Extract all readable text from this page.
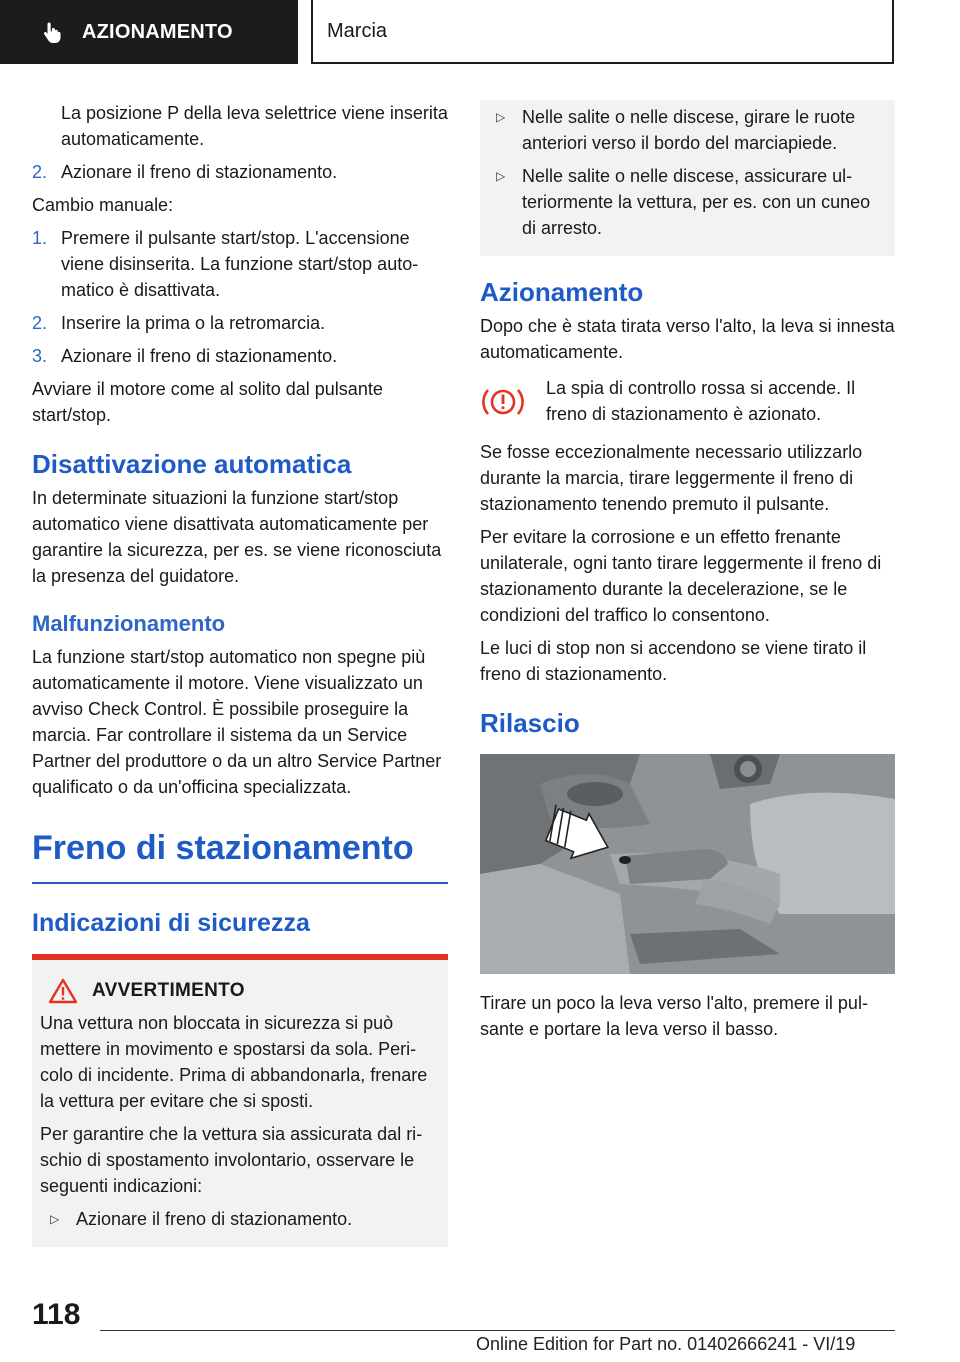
AZIONAMENTO	Marcia

La posizione P della leva selettrice viene inserita automaticamente.

2. Azionare il freno di stazionamento.

Cambio manuale:

1. Premere il pulsante start/stop. L'accensione viene disinserita. La funzione start/stop automatico è disattivata.
2. Inserire la prima o la retromarcia.
3. Azionare il freno di stazionamento.

Avviare il motore come al solito dal pulsante start/stop.

Disattivazione automatica

In determinate situazioni la funzione start/stop automatico viene disattivata automaticamente per garantire la sicurezza, per es. se viene riconosciuta la presenza del guidatore.

Malfunzionamento

La funzione start/stop automatico non spegne più automaticamente il motore. Viene visualizzato un avviso Check Control. È possibile proseguire la marcia. Far controllare il sistema da un Service Partner del produttore o da un altro Service Partner qualificato o da un'officina specializzata.

Freno di stazionamento
Indicazioni di sicurezza
AVVERTIMENTO

Una vettura non bloccata in sicurezza si può mettere in movimento e spostarsi da sola. Pericolo di incidente. Prima di abbandonarla, frenare la vettura per evitare che si sposti.

Per garantire che la vettura sia assicurata dal rischio di spostamento involontario, osservare le seguenti indicazioni:

▷ Azionare il freno di stazionamento.
▷ Nelle salite o nelle discese, girare le ruote anteriori verso il bordo del marciapiede.
▷ Nelle salite o nelle discese, assicurare ulteriormente la vettura, per es. con un cuneo di arresto.
Azionamento

Dopo che è stata tirata verso l'alto, la leva si innesta automaticamente.

La spia di controllo rossa si accende. Il freno di stazionamento è azionato.

Se fosse eccezionalmente necessario utilizzarlo durante la marcia, tirare leggermente il freno di stazionamento tenendo premuto il pulsante.

Per evitare la corrosione e un effetto frenante unilaterale, ogni tanto tirare leggermente il freno di stazionamento durante la decelerazione, se le condizioni del traffico lo consentono.

Le luci di stop non si accendono se viene tirato il freno di stazionamento.

Rilascio

Tirare un poco la leva verso l'alto, premere il pulsante e portare la leva verso il basso.

118
Online Edition for Part no. 01402666241 - VI/19
